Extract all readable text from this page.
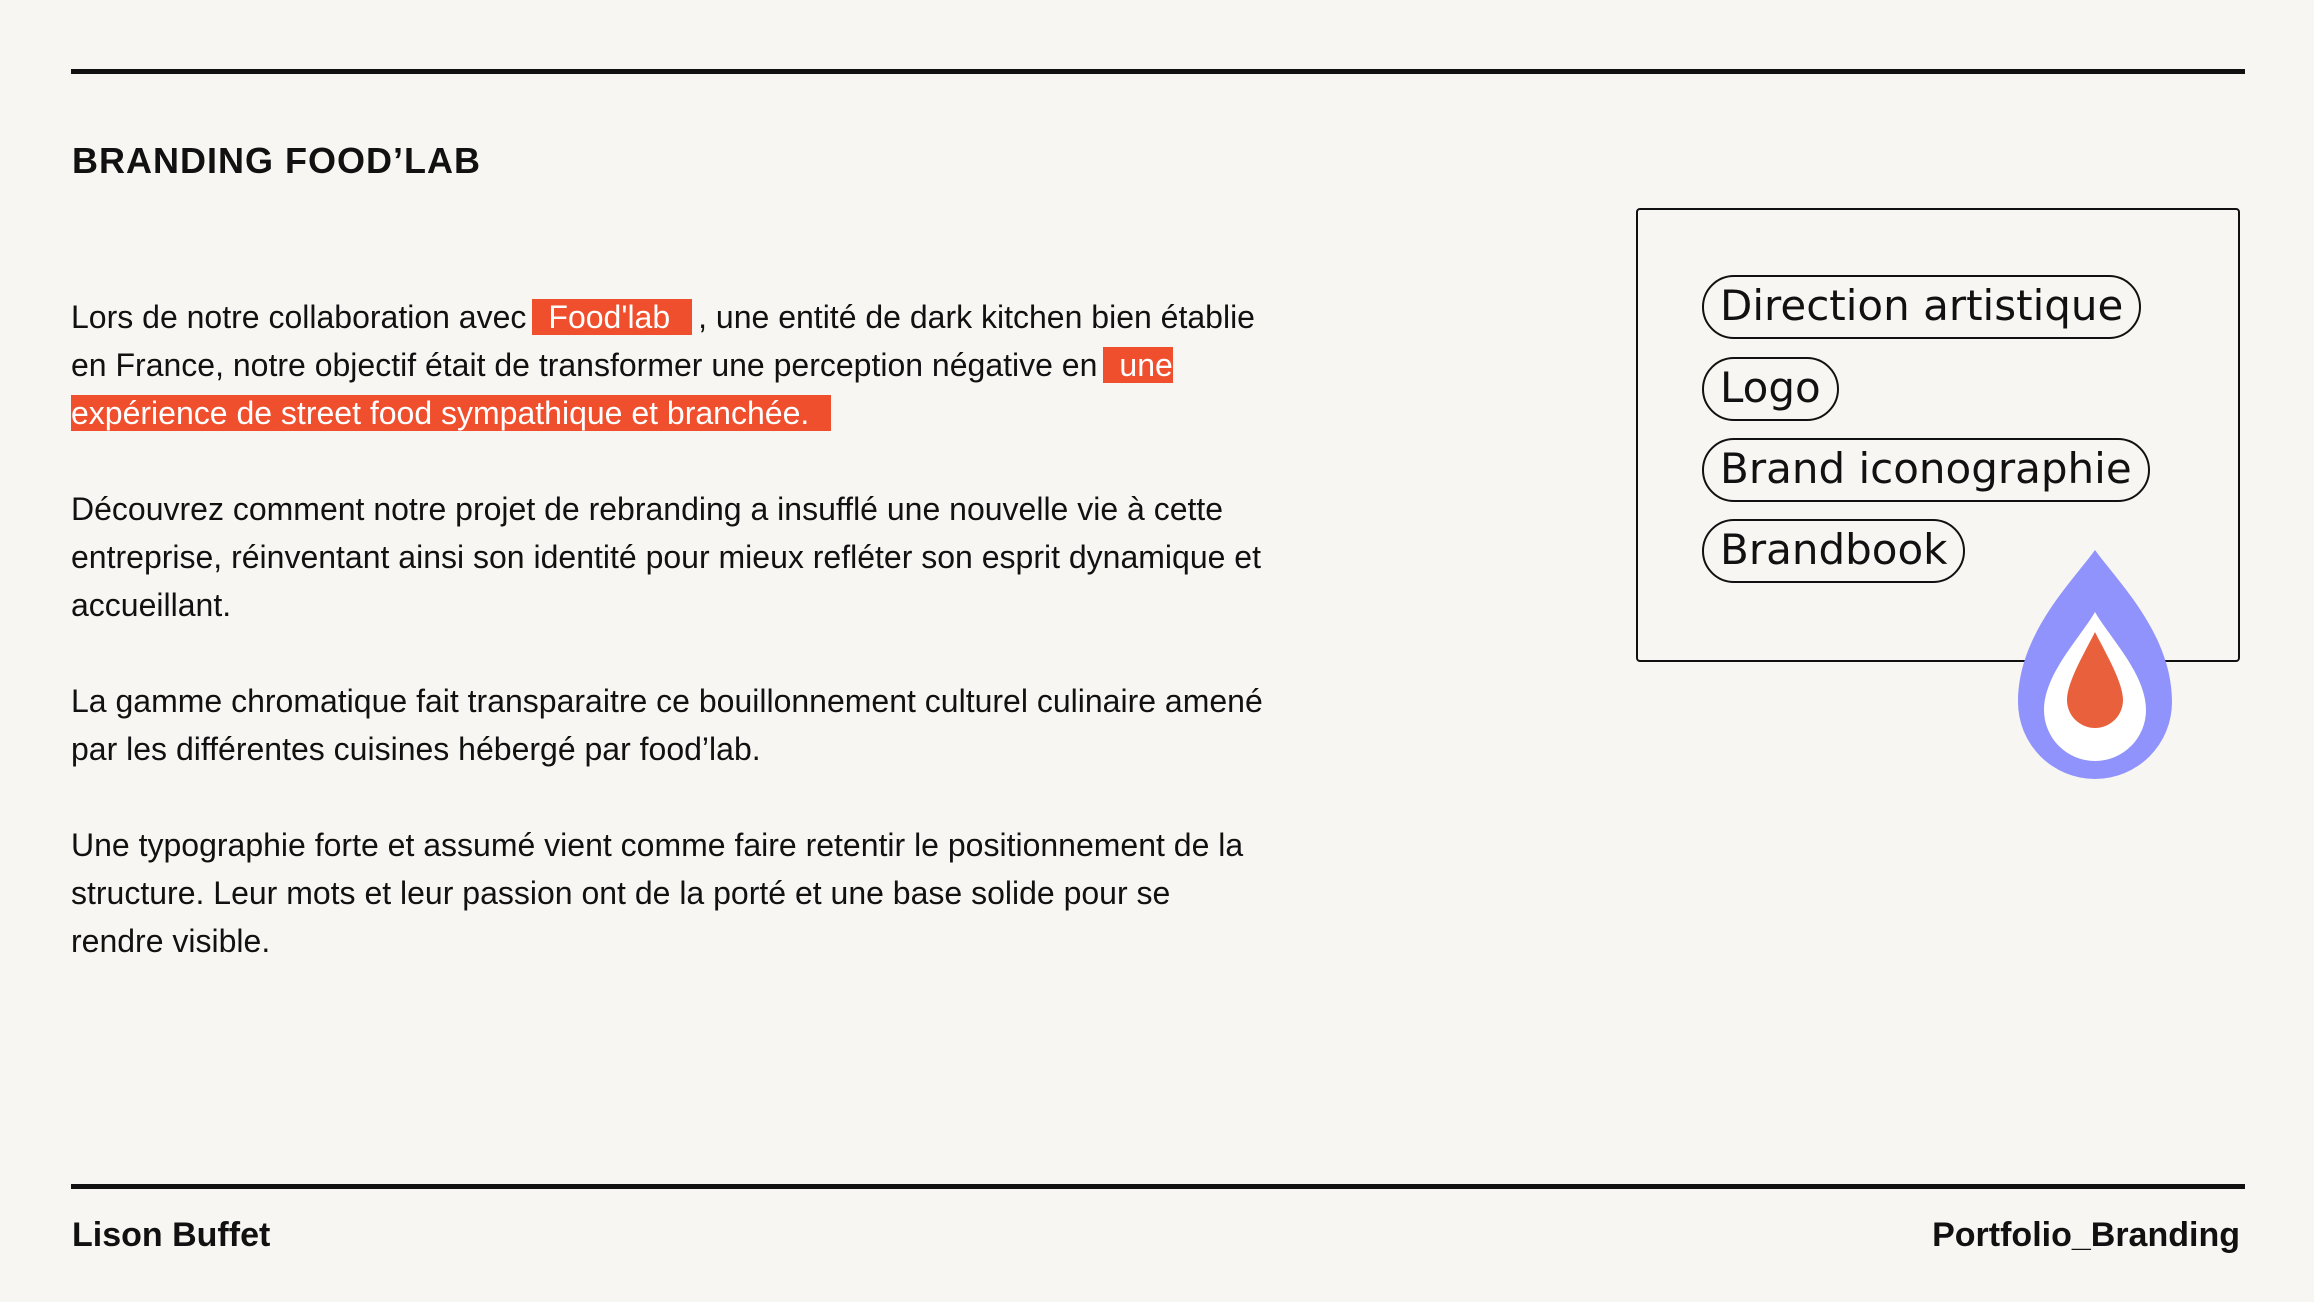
BRANDING FOOD’LAB

Lors de notre collaboration avec Food'lab , une entité de dark kitchen bien établie en France, notre objectif était de transformer une perception négative en une expérience de street food sympathique et branchée.

Découvrez comment notre projet de rebranding a insufflé une nouvelle vie à cette entreprise, réinventant ainsi son identité pour mieux refléter son esprit dynamique et accueillant.

La gamme chromatique fait transparaitre ce bouillonnement culturel culinaire amené par les différentes cuisines hébergé par food’lab.

Une typographie forte et assumé vient comme faire retentir le positionnement de la structure. Leur mots et leur passion ont de la porté et une base solide pour se rendre visible.

Direction artistique
Logo
Brand iconographie
Brandbook
Lison Buffet	Portfolio_Branding
